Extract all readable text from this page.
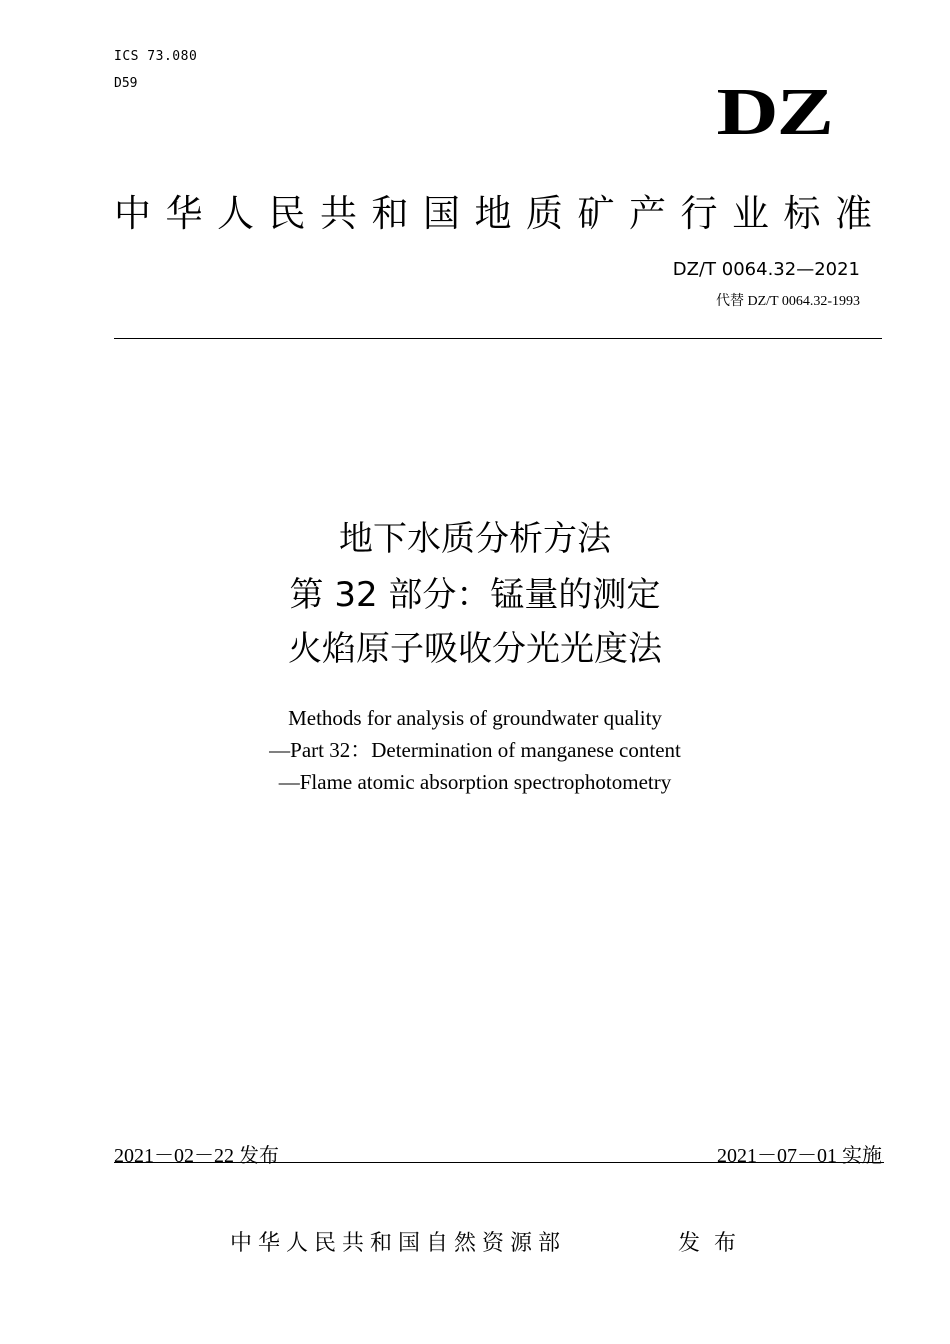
ICS 73.080
D59	DZ
中华人民共和国地质矿产行业标准
DZ/T 0064.32—2021
代替 DZ/T 0064.32-1993
地下水质分析方法
第 32 部分：锰量的测定
火焰原子吸收分光光度法
Methods for analysis of groundwater quality
—Part 32：Determination of manganese content
—Flame atomic absorption spectrophotometry
2021－02－22 发布	2021－07－01 实施
中华人民共和国自然资源部	发布
